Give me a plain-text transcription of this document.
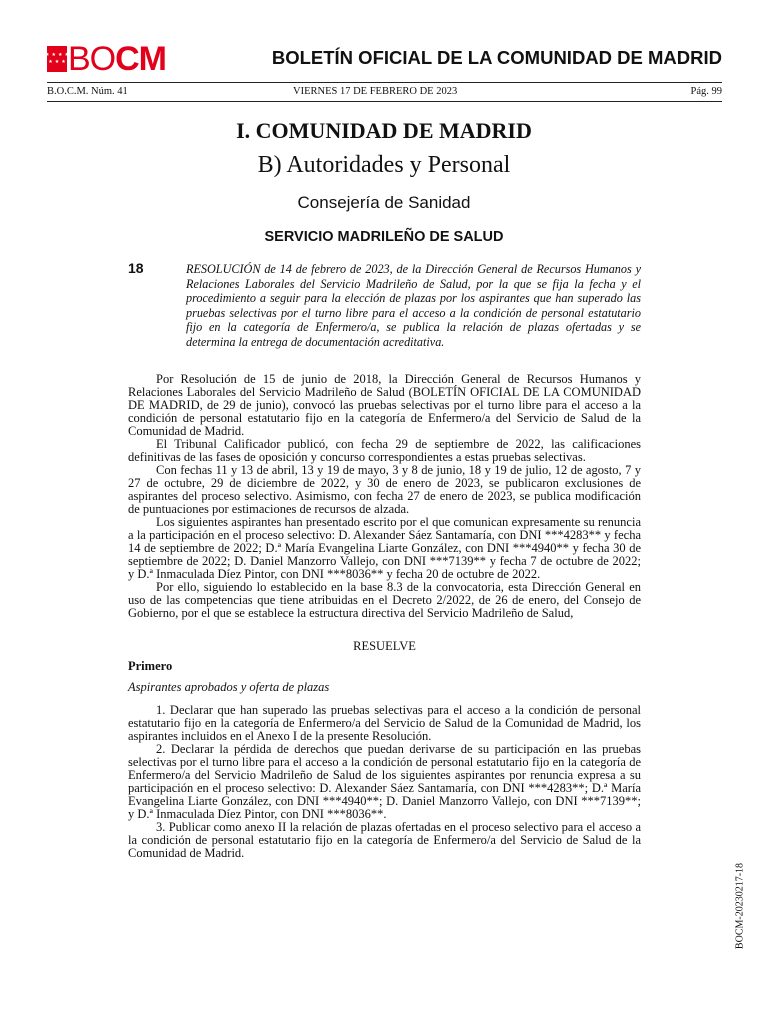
★ ★ ★ ★
★ ★ ★ BOCM	BOLETÍN OFICIAL DE LA COMUNIDAD DE MADRID
B.O.C.M. Núm. 41	VIERNES 17 DE FEBRERO DE 2023	Pág. 99
I. COMUNIDAD DE MADRID
B) Autoridades y Personal
Consejería de Sanidad
SERVICIO MADRILEÑO DE SALUD
18	RESOLUCIÓN de 14 de febrero de 2023, de la Dirección General de Recursos Humanos y Relaciones Laborales del Servicio Madrileño de Salud, por la que se fija la fecha y el procedimiento a seguir para la elección de plazas por los aspirantes que han superado las pruebas selectivas por el turno libre para el acceso a la condición de personal estatutario fijo en la categoría de Enfermero/a, se publica la relación de plazas ofertadas y se determina la entrega de documentación acreditativa.

Por Resolución de 15 de junio de 2018, la Dirección General de Recursos Humanos y Relaciones Laborales del Servicio Madrileño de Salud (BOLETÍN OFICIAL DE LA COMUNIDAD DE MADRID, de 29 de junio), convocó las pruebas selectivas por el turno libre para el acceso a la condición de personal estatutario fijo en la categoría de Enfermero/a del Servicio de Salud de la Comunidad de Madrid.

El Tribunal Calificador publicó, con fecha 29 de septiembre de 2022, las calificaciones definitivas de las fases de oposición y concurso correspondientes a estas pruebas selectivas.

Con fechas 11 y 13 de abril, 13 y 19 de mayo, 3 y 8 de junio, 18 y 19 de julio, 12 de agosto, 7 y 27 de octubre, 29 de diciembre de 2022, y 30 de enero de 2023, se publicaron exclusiones de aspirantes del proceso selectivo. Asimismo, con fecha 27 de enero de 2023, se publica modificación de puntuaciones por estimaciones de recursos de alzada.

Los siguientes aspirantes han presentado escrito por el que comunican expresamente su renuncia a la participación en el proceso selectivo: D. Alexander Sáez Santamaría, con DNI ***4283** y fecha 14 de septiembre de 2022; D.ª María Evangelina Liarte González, con DNI ***4940** y fecha 30 de septiembre de 2022; D. Daniel Manzorro Vallejo, con DNI ***7139** y fecha 7 de octubre de 2022; y D.ª Inmaculada Díez Pintor, con DNI ***8036** y fecha 20 de octubre de 2022.

Por ello, siguiendo lo establecido en la base 8.3 de la convocatoria, esta Dirección General en uso de las competencias que tiene atribuidas en el Decreto 2/2022, de 26 de enero, del Consejo de Gobierno, por el que se establece la estructura directiva del Servicio Madrileño de Salud,

RESUELVE
Primero
Aspirantes aprobados y oferta de plazas

1. Declarar que han superado las pruebas selectivas para el acceso a la condición de personal estatutario fijo en la categoría de Enfermero/a del Servicio de Salud de la Comunidad de Madrid, los aspirantes incluidos en el Anexo I de la presente Resolución.

2. Declarar la pérdida de derechos que puedan derivarse de su participación en las pruebas selectivas por el turno libre para el acceso a la condición de personal estatutario fijo en la categoría de Enfermero/a del Servicio Madrileño de Salud de los siguientes aspirantes por renuncia expresa a su participación en el proceso selectivo: D. Alexander Sáez Santamaría, con DNI ***4283**; D.ª María Evangelina Liarte González, con DNI ***4940**; D. Daniel Manzorro Vallejo, con DNI ***7139**; y D.ª Inmaculada Díez Pintor, con DNI ***8036**.

3. Publicar como anexo II la relación de plazas ofertadas en el proceso selectivo para el acceso a la condición de personal estatutario fijo en la categoría de Enfermero/a del Servicio de Salud de la Comunidad de Madrid.

BOCM-20230217-18
